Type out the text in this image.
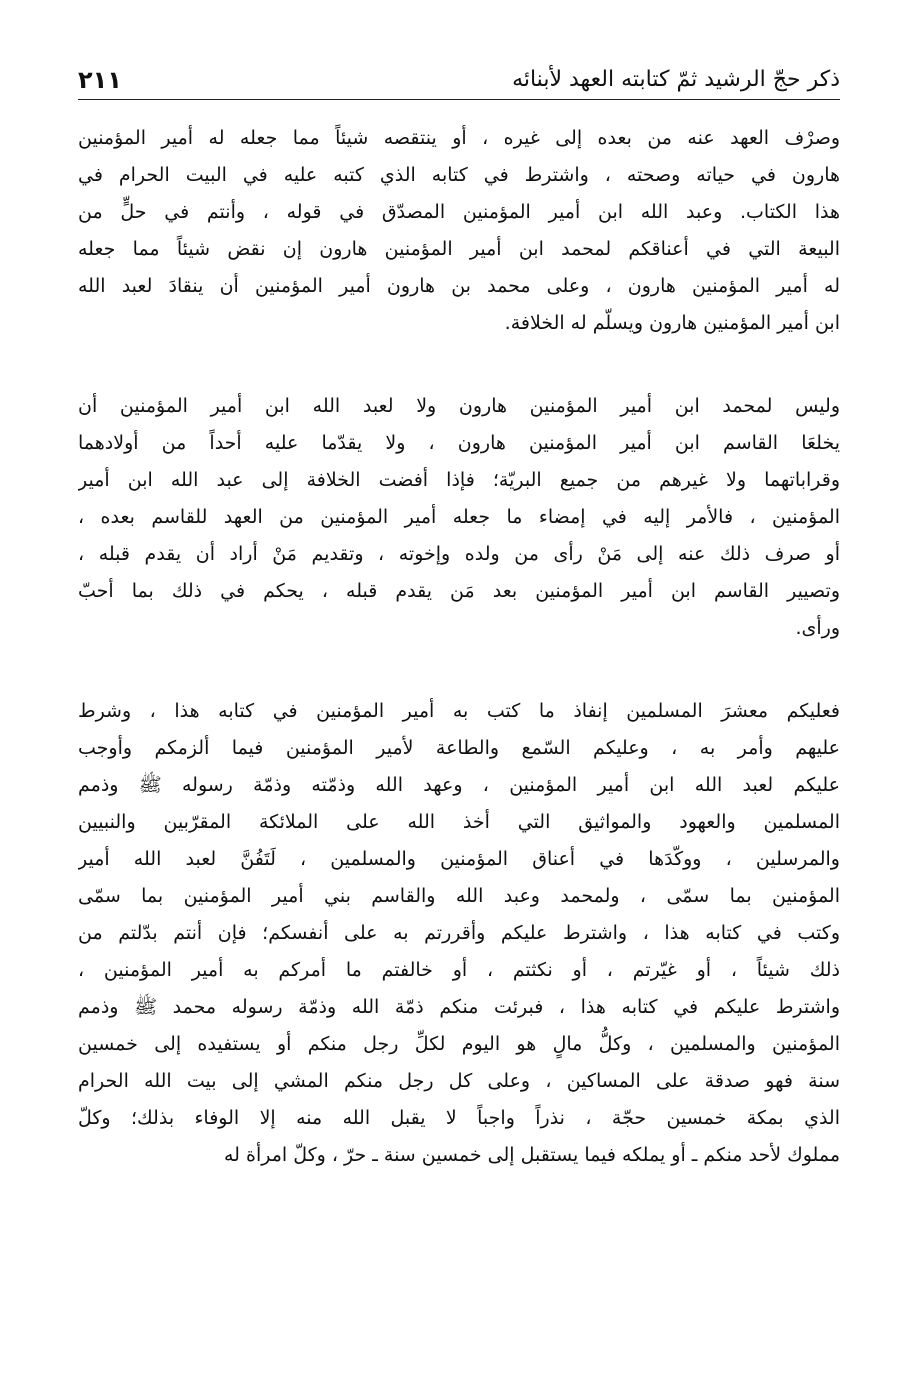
ذكر حجّ الرشيد ثمّ كتابته العهد لأبنائه
٢١١
وصرْف العهد عنه من بعده إلى غيره ، أو ينتقصه شيئاً مما جعله له أمير المؤمنين
هارون في حياته وصحته ، واشترط في كتابه الذي كتبه عليه في البيت الحرام في
هذا الكتاب. وعبد الله ابن أمير المؤمنين المصدّق في قوله ، وأنتم في حلٍّ من
البيعة التي في أعناقكم لمحمد ابن أمير المؤمنين هارون إن نقض شيئاً مما جعله
له أمير المؤمنين هارون ، وعلى محمد بن هارون أمير المؤمنين أن ينقادَ لعبد الله
ابن أمير المؤمنين هارون ويسلّم له الخلافة.
وليس لمحمد ابن أمير المؤمنين هارون ولا لعبد الله ابن أمير المؤمنين أن
يخلعَا القاسم ابن أمير المؤمنين هارون ، ولا يقدّما عليه أحداً من أولادهما
وقراباتهما ولا غيرهم من جميع البريّة؛ فإذا أفضت الخلافة إلى عبد الله ابن أمير
المؤمنين ، فالأمر إليه في إمضاء ما جعله أمير المؤمنين من العهد للقاسم بعده ،
أو صرف ذلك عنه إلى مَنْ رأى من ولده وإخوته ، وتقديم مَنْ أراد أن يقدم قبله ،
وتصيير القاسم ابن أمير المؤمنين بعد مَن يقدم قبله ، يحكم في ذلك بما أحبّ
ورأى.
فعليكم معشرَ المسلمين إنفاذ ما كتب به أمير المؤمنين في كتابه هذا ، وشرط
عليهم وأمر به ، وعليكم السّمع والطاعة لأمير المؤمنين فيما ألزمكم وأوجب
عليكم لعبد الله ابن أمير المؤمنين ، وعهد الله وذمّته وذمّة رسوله ﷺ وذمم
المسلمين والعهود والمواثيق التي أخذ الله على الملائكة المقرّبين والنبيين
والمرسلين ، ووكّدَها في أعناق المؤمنين والمسلمين ، لَتَفُنَّ لعبد الله أمير
المؤمنين بما سمّى ، ولمحمد وعبد الله والقاسم بني أمير المؤمنين بما سمّى
وكتب في كتابه هذا ، واشترط عليكم وأقررتم به على أنفسكم؛ فإن أنتم بدّلتم من
ذلك شيئاً ، أو غيّرتم ، أو نكثتم ، أو خالفتم ما أمركم به أمير المؤمنين ،
واشترط عليكم في كتابه هذا ، فبرئت منكم ذمّة الله وذمّة رسوله محمد ﷺ وذمم
المؤمنين والمسلمين ، وكلُّ مالٍ هو اليوم لكلِّ رجل منكم أو يستفيده إلى خمسين
سنة فهو صدقة على المساكين ، وعلى كل رجل منكم المشي إلى بيت الله الحرام
الذي بمكة خمسين حجّة ، نذراً واجباً لا يقبل الله منه إلا الوفاء بذلك؛ وكلّ
مملوك لأحد منكم ـ أو يملكه فيما يستقبل إلى خمسين سنة ـ حرّ ، وكلّ امرأة له
